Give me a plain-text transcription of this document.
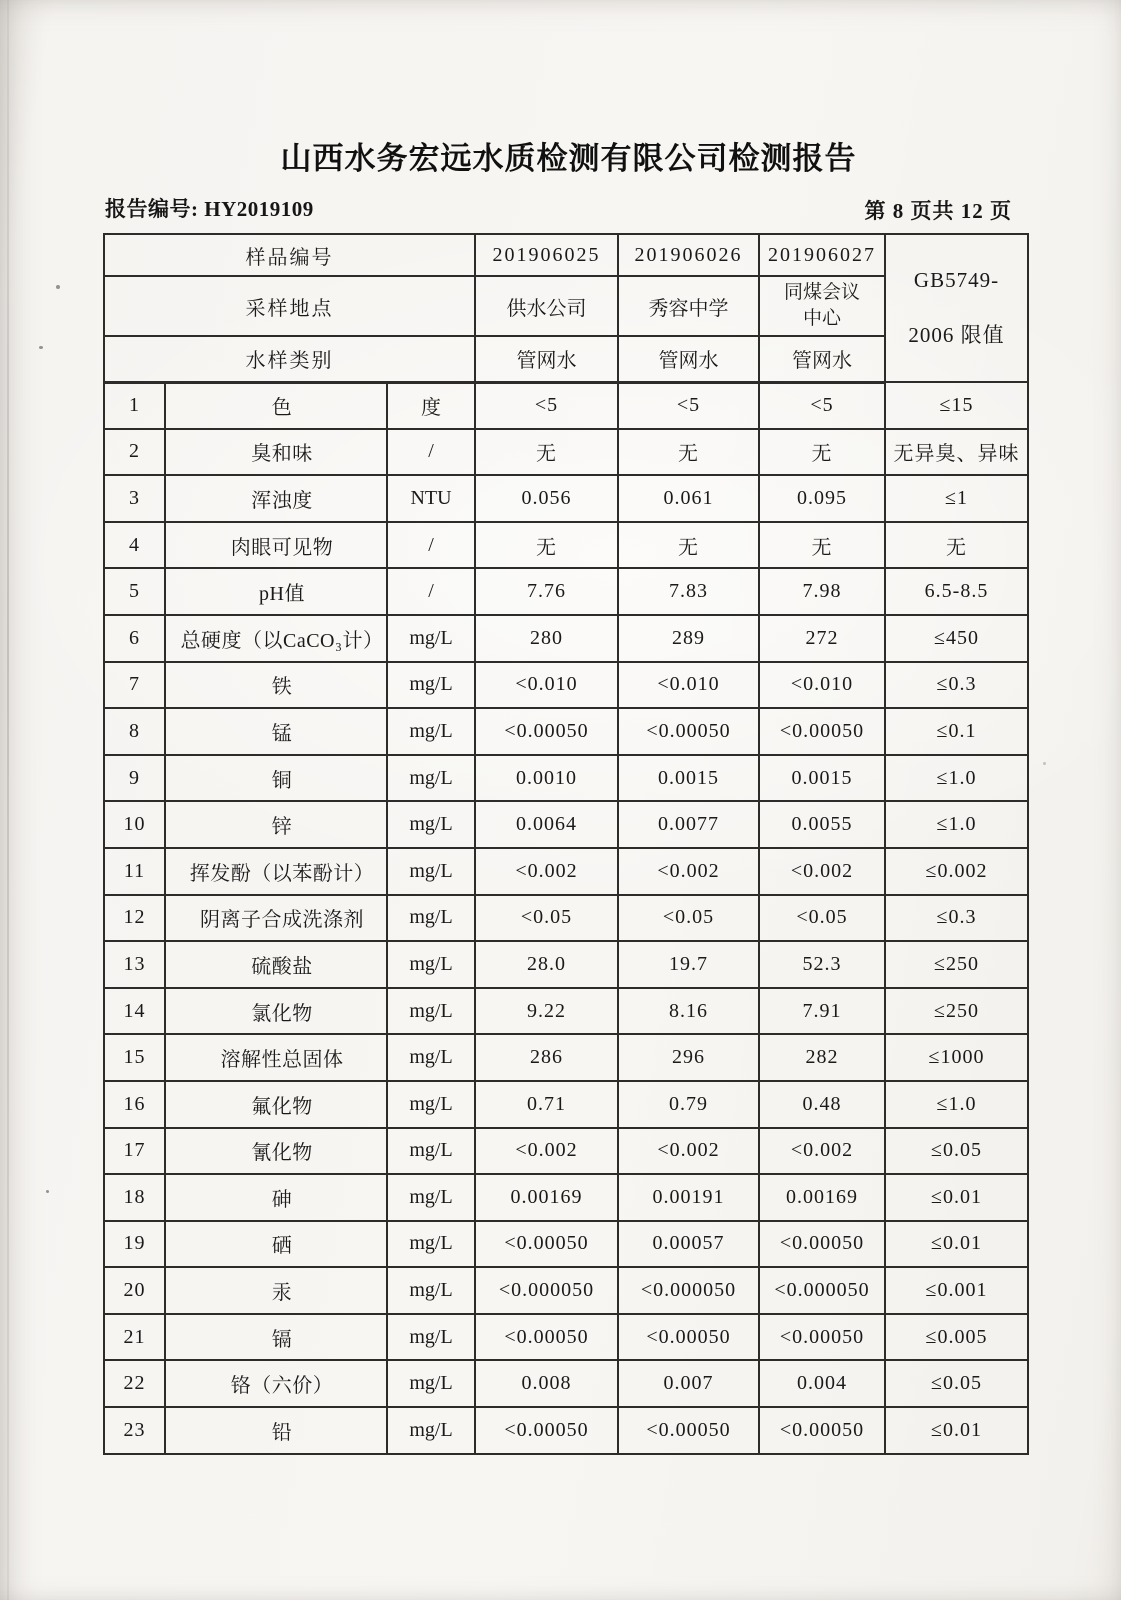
山西水务宏远水质检测有限公司检测报告
报告编号: HY2019109	第 8 页共 12 页
样品编号			201906025	201906026	201906027	GB5749-
2006 限值

采样地点			供水公司	秀容中学	同煤会议中心	
水样类别			管网水	管网水	管网水	
1	色	度	<5	<5	<5	≤15
2	臭和味	/	无	无	无	无异臭、异味
3	浑浊度	NTU	0.056	0.061	0.095	≤1
4	肉眼可见物	/	无	无	无	无
5	pH值	/	7.76	7.83	7.98	6.5-8.5
6	总硬度（以CaCO₃计）	mg/L	280	289	272	≤450
7	铁	mg/L	<0.010	<0.010	<0.010	≤0.3
8	锰	mg/L	<0.00050	<0.00050	<0.00050	≤0.1
9	铜	mg/L	0.0010	0.0015	0.0015	≤1.0
10	锌	mg/L	0.0064	0.0077	0.0055	≤1.0
11	挥发酚（以苯酚计）	mg/L	<0.002	<0.002	<0.002	≤0.002
12	阴离子合成洗涤剂	mg/L	<0.05	<0.05	<0.05	≤0.3
13	硫酸盐	mg/L	28.0	19.7	52.3	≤250
14	氯化物	mg/L	9.22	8.16	7.91	≤250
15	溶解性总固体	mg/L	286	296	282	≤1000
16	氟化物	mg/L	0.71	0.79	0.48	≤1.0
17	氰化物	mg/L	<0.002	<0.002	<0.002	≤0.05
18	砷	mg/L	0.00169	0.00191	0.00169	≤0.01
19	硒	mg/L	<0.00050	0.00057	<0.00050	≤0.01
20	汞	mg/L	<0.000050	<0.000050	<0.000050	≤0.001
21	镉	mg/L	<0.00050	<0.00050	<0.00050	≤0.005
22	铬（六价）	mg/L	0.008	0.007	0.004	≤0.05
23	铅	mg/L	<0.00050	<0.00050	<0.00050	≤0.01
